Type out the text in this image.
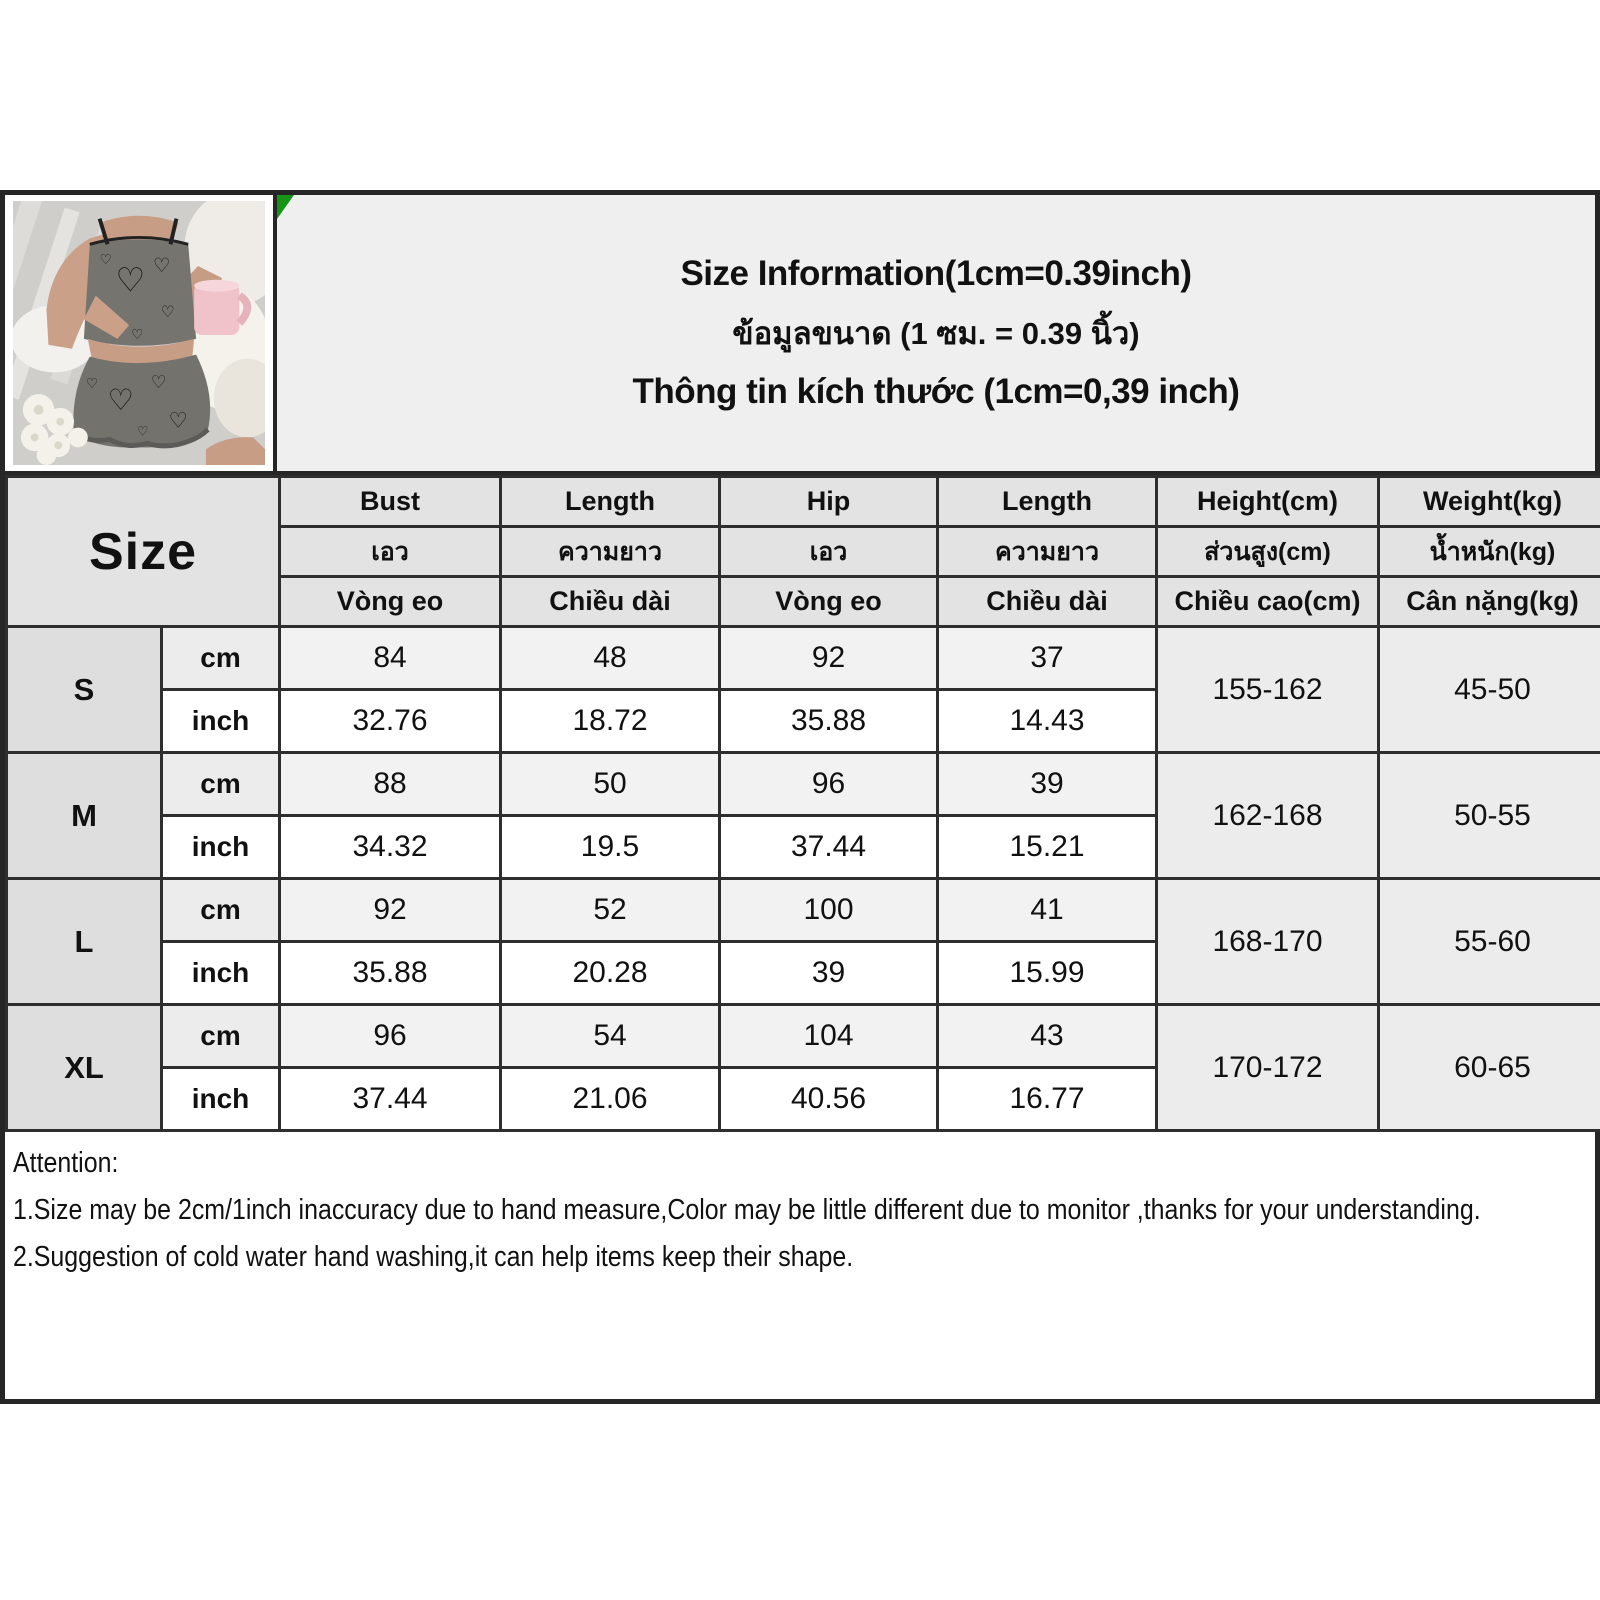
♡ ♡
♡
♡
♡
♡ ♡
♡
♡
♡
Size Information(1cm=0.39inch)
ข้อมูลขนาด (1 ซม. = 0.39 นิ้ว)
Thông tin kích thước (1cm=0,39 inch)
Size		Bust	Length	Hip	Length	Height(cm)	Weight(kg)
		เอว	ความยาว	เอว	ความยาว	ส่วนสูง(cm)	น้ำหนัก(kg)
		Vòng eo	Chiều dài	Vòng eo	Chiều dài	Chiều cao(cm)	Cân nặng(kg)
S	cm	84	48	92	37	155-162	45-50
	inch	32.76	18.72	35.88	14.43		
M	cm	88	50	96	39	162-168	50-55
	inch	34.32	19.5	37.44	15.21		
L	cm	92	52	100	41	168-170	55-60
	inch	35.88	20.28	39	15.99		
XL	cm	96	54	104	43	170-172	60-65
	inch	37.44	21.06	40.56	16.77		
Attention:
1.Size may be 2cm/1inch inaccuracy due to hand measure,Color may be little different due to monitor ,thanks for your understanding.
2.Suggestion of cold water hand washing,it can help items keep their shape.
